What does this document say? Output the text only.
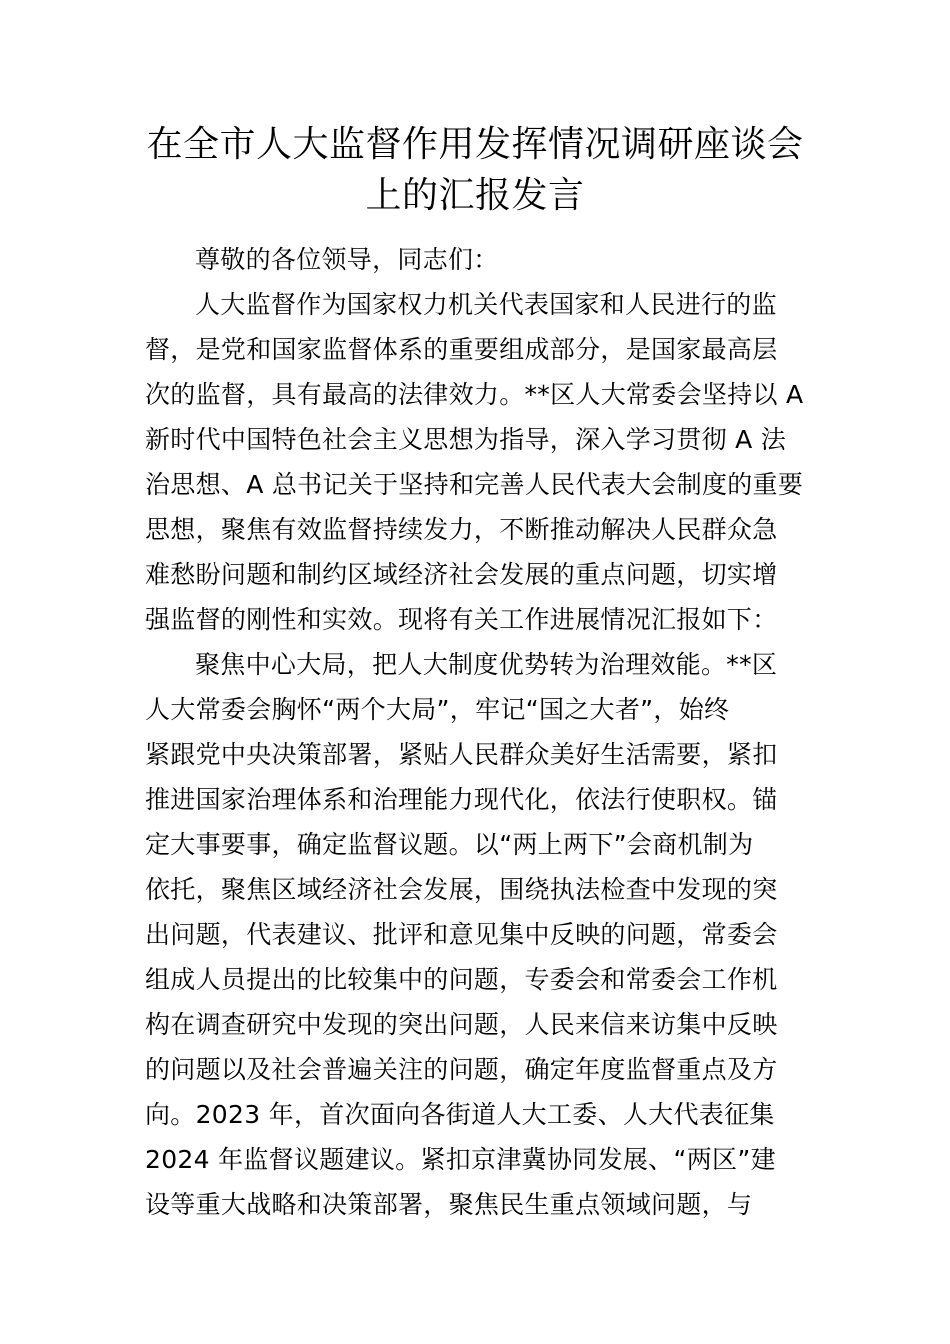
在全市人大监督作用发挥情况调研座谈会
上的汇报发言
尊敬的各位领导，同志们：
人大监督作为国家权力机关代表国家和人民进行的监
督，是党和国家监督体系的重要组成部分，是国家最高层
次的监督，具有最高的法律效力。**区人大常委会坚持以 A
新时代中国特色社会主义思想为指导，深入学习贯彻 A 法
治思想、A 总书记关于坚持和完善人民代表大会制度的重要
思想，聚焦有效监督持续发力，不断推动解决人民群众急
难愁盼问题和制约区域经济社会发展的重点问题，切实增
强监督的刚性和实效。现将有关工作进展情况汇报如下：
聚焦中心大局，把人大制度优势转为治理效能。**区
人大常委会胸怀“两个大局”，牢记“国之大者”，始终
紧跟党中央决策部署，紧贴人民群众美好生活需要，紧扣
推进国家治理体系和治理能力现代化，依法行使职权。锚
定大事要事，确定监督议题。以“两上两下”会商机制为
依托，聚焦区域经济社会发展，围绕执法检查中发现的突
出问题，代表建议、批评和意见集中反映的问题，常委会
组成人员提出的比较集中的问题，专委会和常委会工作机
构在调查研究中发现的突出问题，人民来信来访集中反映
的问题以及社会普遍关注的问题，确定年度监督重点及方
向。2023 年，首次面向各街道人大工委、人大代表征集
2024 年监督议题建议。紧扣京津冀协同发展、“两区”建
设等重大战略和决策部署，聚焦民生重点领域问题，与
